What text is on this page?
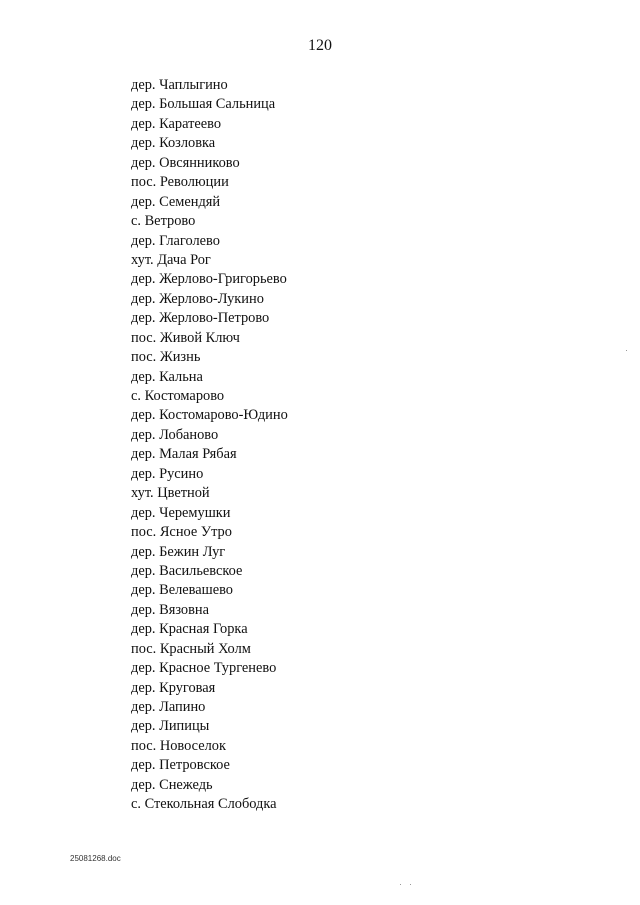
120
дер. Чаплыгино
дер. Большая Сальница
дер. Каратеево
дер. Козловка
дер. Овсянниково
пос. Революции
дер. Семендяй
с. Ветрово
дер. Глаголево
хут. Дача Рог
дер. Жерлово-Григорьево
дер. Жерлово-Лукино
дер. Жерлово-Петрово
пос. Живой Ключ
пос. Жизнь
дер. Кальна
с. Костомарово
дер. Костомарово-Юдино
дер. Лобаново
дер. Малая Рябая
дер. Русино
хут. Цветной
дер. Черемушки
пос. Ясное Утро
дер. Бежин Луг
дер. Васильевское
дер. Велевашево
дер. Вязовна
дер. Красная Горка
пос. Красный Холм
дер. Красное Тургенево
дер. Круговая
дер. Лапино
дер. Липицы
пос. Новоселок
дер. Петровское
дер. Снежедь
с. Стекольная Слободка
25081268.doc
